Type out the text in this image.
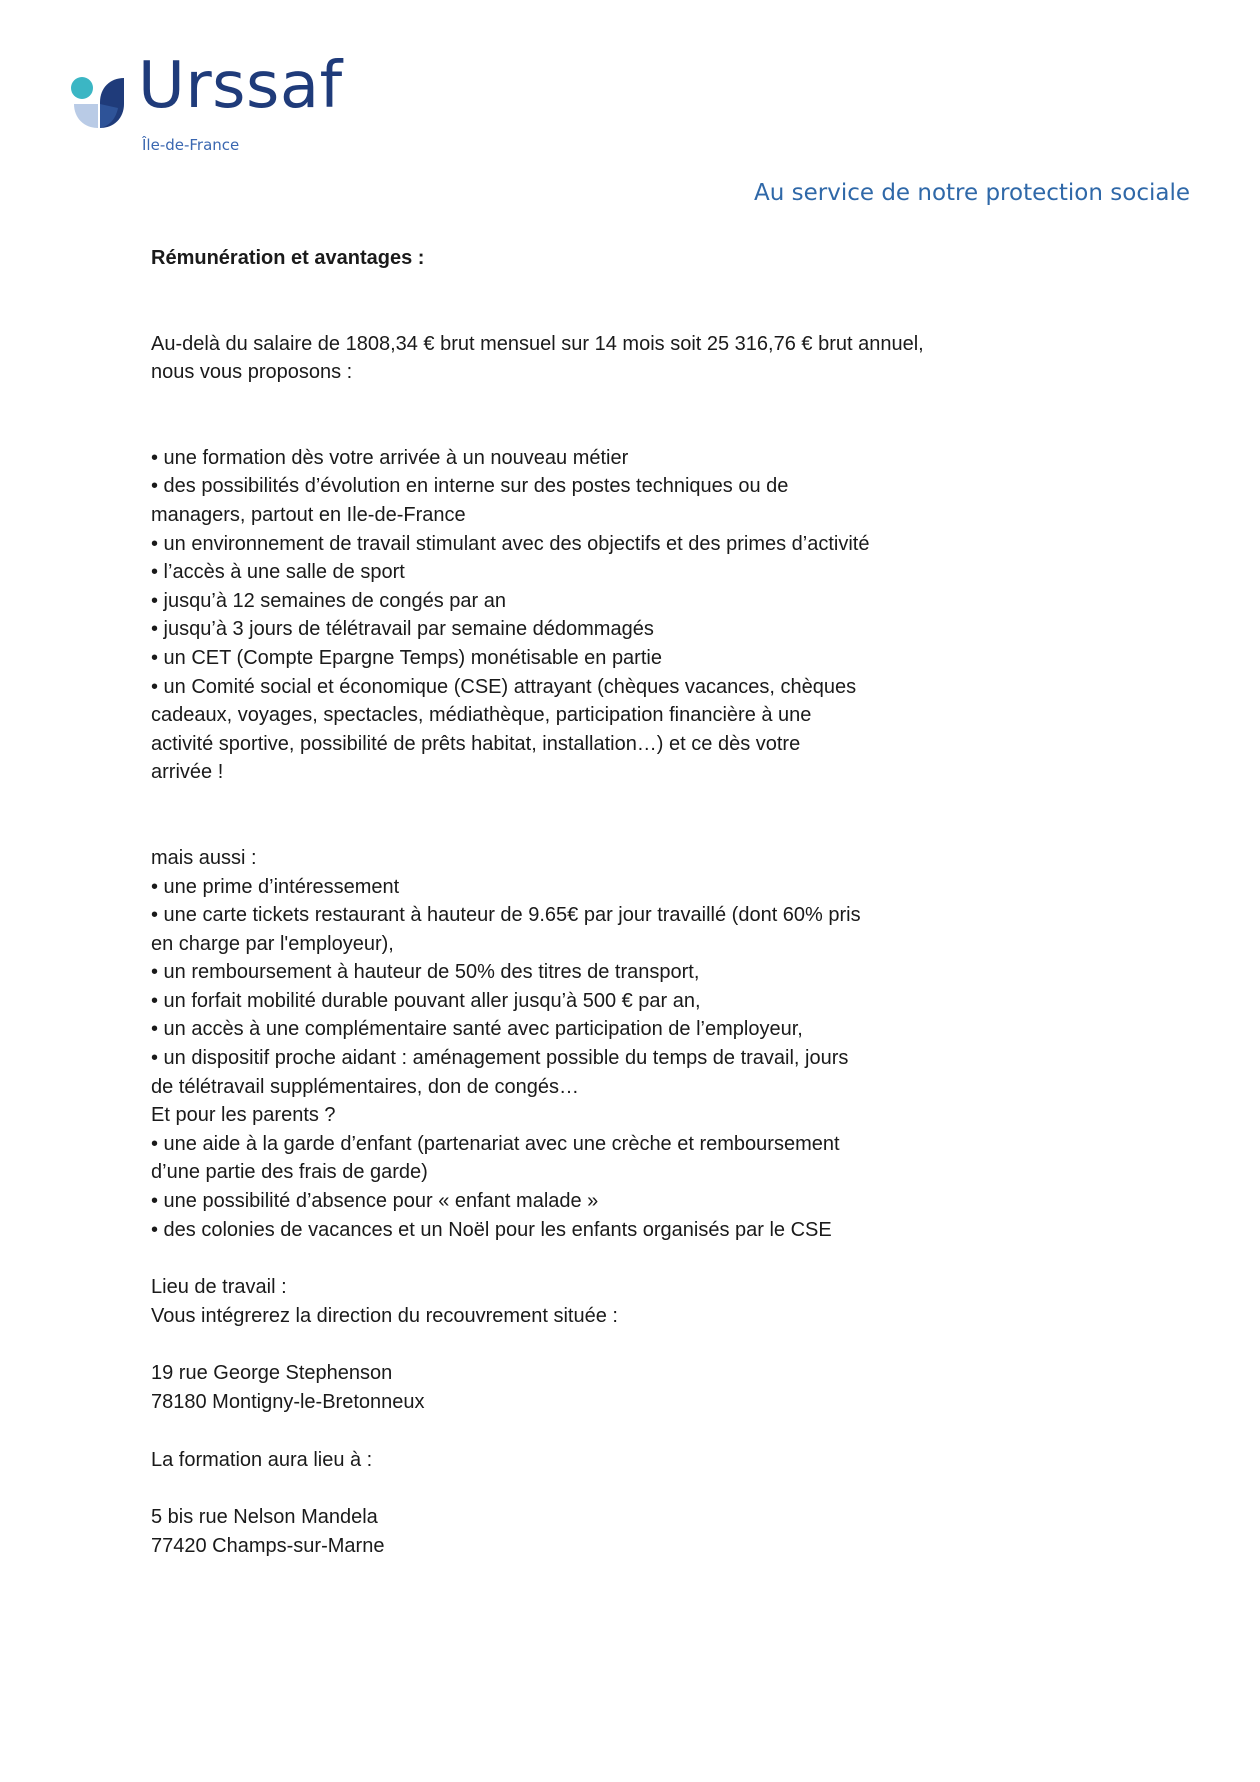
Urssaf
Île-de-France
Au service de notre protection sociale

Rémunération et avantages :

Au-delà du salaire de 1808,34 € brut mensuel sur 14 mois soit 25 316,76 € brut annuel,

nous vous proposons :

• une formation dès votre arrivée à un nouveau métier

• des possibilités d’évolution en interne sur des postes techniques ou de

managers, partout en Ile-de-France

• un environnement de travail stimulant avec des objectifs et des primes d’activité

• l’accès à une salle de sport

• jusqu’à 12 semaines de congés par an

• jusqu’à 3 jours de télétravail par semaine dédommagés

• un CET (Compte Epargne Temps) monétisable en partie

• un Comité social et économique (CSE) attrayant (chèques vacances, chèques

cadeaux, voyages, spectacles, médiathèque, participation financière à une

activité sportive, possibilité de prêts habitat, installation…) et ce dès votre

arrivée !

mais aussi :

• une prime d’intéressement

• une carte tickets restaurant à hauteur de 9.65€ par jour travaillé (dont 60% pris

en charge par l'employeur),

• un remboursement à hauteur de 50% des titres de transport,

• un forfait mobilité durable pouvant aller jusqu’à 500 € par an,

• un accès à une complémentaire santé avec participation de l’employeur,

• un dispositif proche aidant : aménagement possible du temps de travail, jours

de télétravail supplémentaires, don de congés…

Et pour les parents ?

• une aide à la garde d’enfant (partenariat avec une crèche et remboursement

d’une partie des frais de garde)

• une possibilité d’absence pour « enfant malade »

• des colonies de vacances et un Noël pour les enfants organisés par le CSE

Lieu de travail :

Vous intégrerez la direction du recouvrement située :

19 rue George Stephenson

78180 Montigny-le-Bretonneux

La formation aura lieu à :

5 bis rue Nelson Mandela

77420 Champs-sur-Marne
